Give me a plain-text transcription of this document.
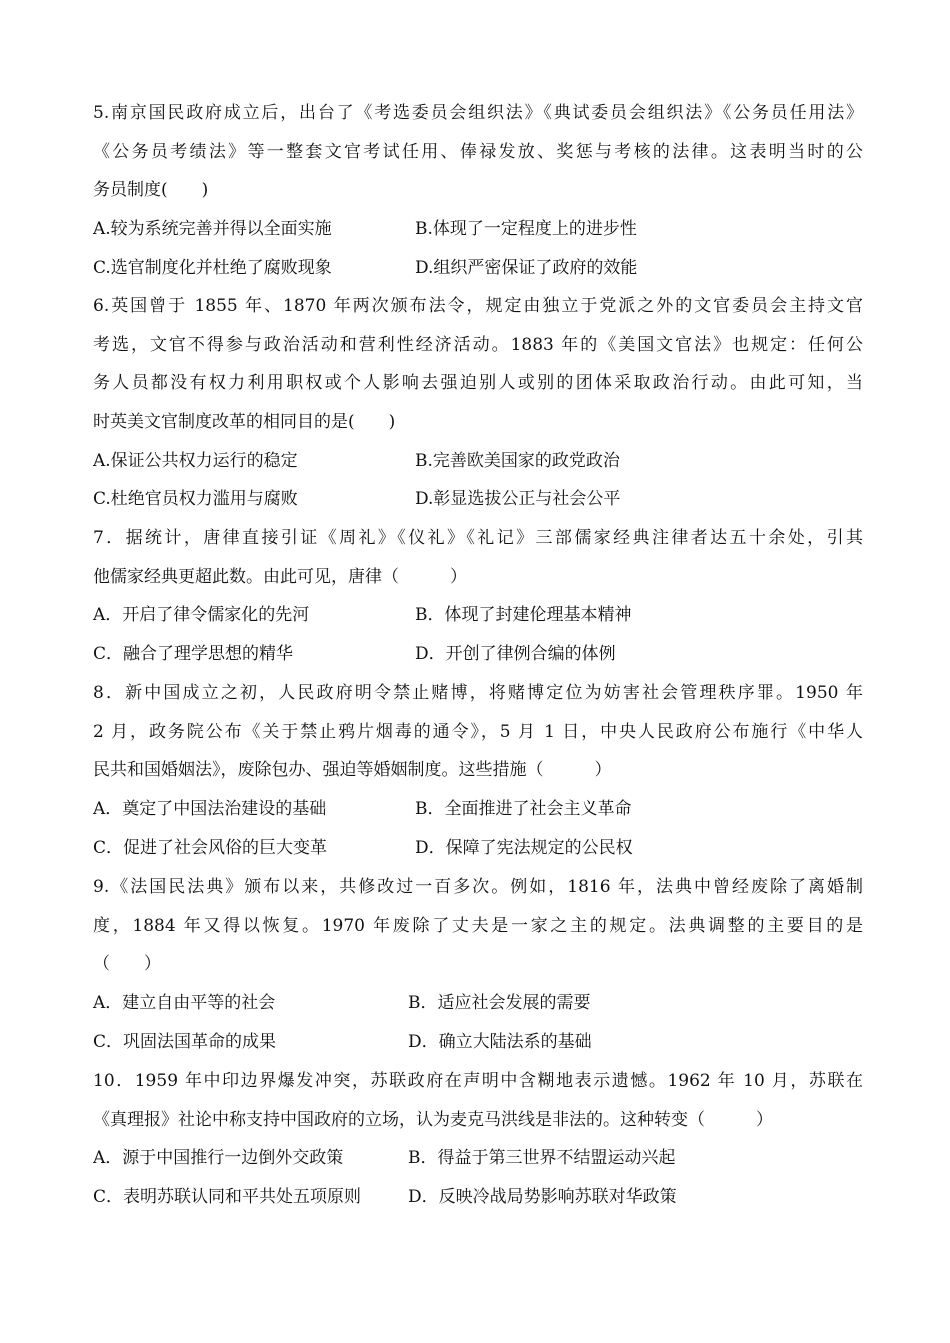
5.南京国民政府成立后，出台了《考选委员会组织法》《典试委员会组织法》《公务员任用法》
《公务员考绩法》等一整套文官考试任用、俸禄发放、奖惩与考核的法律。这表明当时的公
务员制度(　　)
A.较为系统完善并得以全面实施	B.体现了一定程度上的进步性
C.选官制度化并杜绝了腐败现象	D.组织严密保证了政府的效能
6.英国曾于 1855 年、1870 年两次颁布法令，规定由独立于党派之外的文官委员会主持文官
考选，文官不得参与政治活动和营利性经济活动。1883 年的《美国文官法》也规定：任何公
务人员都没有权力利用职权或个人影响去强迫别人或别的团体采取政治行动。由此可知，当
时英美文官制度改革的相同目的是(　　)
A.保证公共权力运行的稳定	B.完善欧美国家的政党政治
C.杜绝官员权力滥用与腐败	D.彰显选拔公正与社会公平
7．据统计，唐律直接引证《周礼》《仪礼》《礼记》三部儒家经典注律者达五十余处，引其
他儒家经典更超此数。由此可见，唐律（　　　）
A．开启了律令儒家化的先河	B．体现了封建伦理基本精神
C．融合了理学思想的精华	D．开创了律例合编的体例
8．新中国成立之初，人民政府明令禁止赌博，将赌博定位为妨害社会管理秩序罪。1950 年
2 月，政务院公布《关于禁止鸦片烟毒的通令》，5 月 1 日，中央人民政府公布施行《中华人
民共和国婚姻法》，废除包办、强迫等婚姻制度。这些措施（　　　）
A．奠定了中国法治建设的基础	B．全面推进了社会主义革命
C．促进了社会风俗的巨大变革	D．保障了宪法规定的公民权
9.《法国民法典》颁布以来，共修改过一百多次。例如，1816 年，法典中曾经废除了离婚制
度，1884 年又得以恢复。1970 年废除了丈夫是一家之主的规定。法典调整的主要目的是
（　　）
A．建立自由平等的社会	B．适应社会发展的需要
C．巩固法国革命的成果	D．确立大陆法系的基础
10．1959 年中印边界爆发冲突，苏联政府在声明中含糊地表示遗憾。1962 年 10 月，苏联在
《真理报》社论中称支持中国政府的立场，认为麦克马洪线是非法的。这种转变（　　　）
A．源于中国推行一边倒外交政策	B．得益于第三世界不结盟运动兴起
C．表明苏联认同和平共处五项原则	D．反映冷战局势影响苏联对华政策
